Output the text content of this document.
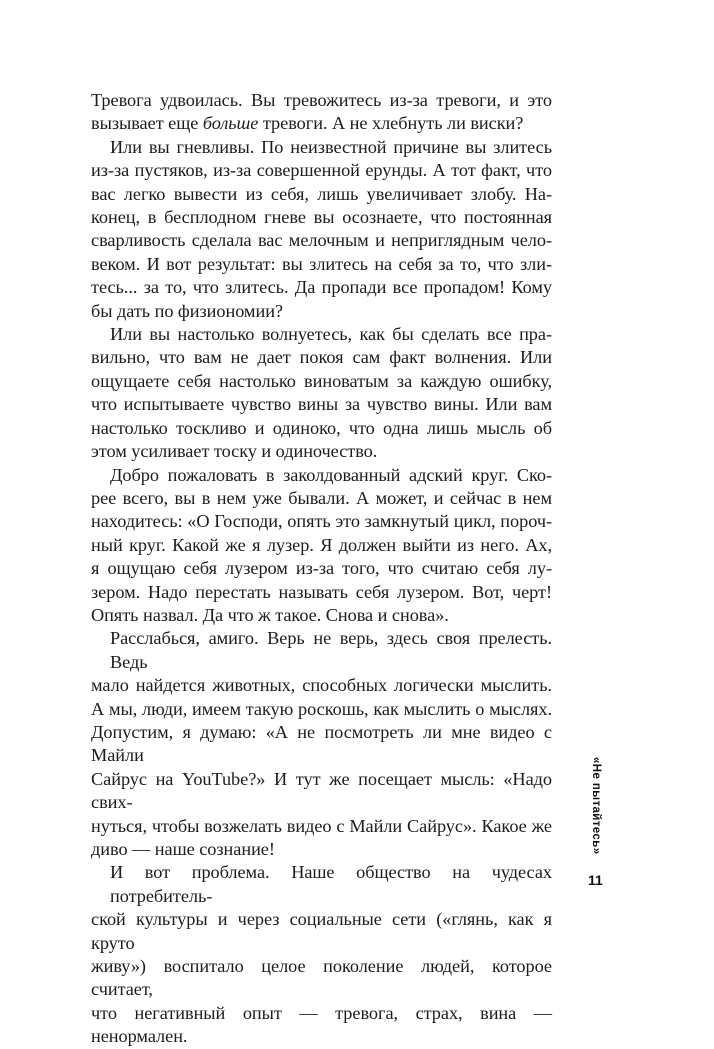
Тревога удвоилась. Вы тревожитесь из-за тревоги, и это
вызывает еще больше тревоги. А не хлебнуть ли виски?

Или вы гневливы. По неизвестной причине вы злитесь
из-за пустяков, из-за совершенной ерунды. А тот факт, что
вас легко вывести из себя, лишь увеличивает злобу. На-
конец, в бесплодном гневе вы осознаете, что постоянная
сварливость сделала вас мелочным и неприглядным чело-
веком. И вот результат: вы злитесь на себя за то, что зли-
тесь... за то, что злитесь. Да пропади все пропадом! Кому
бы дать по физиономии?

Или вы настолько волнуетесь, как бы сделать все пра-
вильно, что вам не дает покоя сам факт волнения. Или
ощущаете себя настолько виноватым за каждую ошибку,
что испытываете чувство вины за чувство вины. Или вам
настолько тоскливо и одиноко, что одна лишь мысль об
этом усиливает тоску и одиночество.

Добро пожаловать в заколдованный адский круг. Ско-
рее всего, вы в нем уже бывали. А может, и сейчас в нем
находитесь: «О Господи, опять это замкнутый цикл, пороч-
ный круг. Какой же я лузер. Я должен выйти из него. Ах,
я ощущаю себя лузером из-за того, что считаю себя лу-
зером. Надо перестать называть себя лузером. Вот, черт!
Опять назвал. Да что ж такое. Снова и снова».

Расслабься, амиго. Верь не верь, здесь своя прелесть. Ведь
мало найдется животных, способных логически мыслить.
А мы, люди, имеем такую роскошь, как мыслить о мыслях.
Допустим, я думаю: «А не посмотреть ли мне видео с Майли
Сайрус на YouTube?» И тут же посещает мысль: «Надо свих-
нуться, чтобы возжелать видео с Майли Сайрус». Какое же
диво — наше сознание!

И вот проблема. Наше общество на чудесах потребитель-
ской культуры и через социальные сети («глянь, как я круто
живу») воспитало целое поколение людей, которое считает,
что негативный опыт — тревога, страх, вина — ненормален.

«Не пытайтесь»
11
